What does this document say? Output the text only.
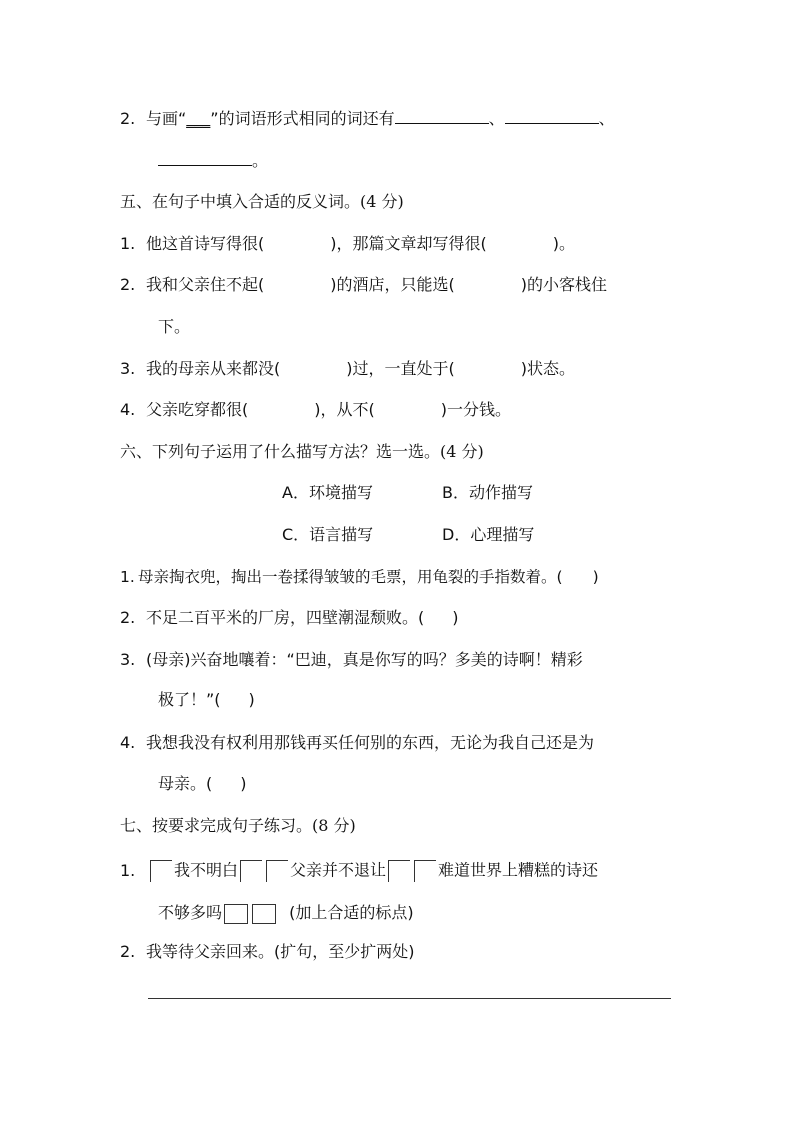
2. 与画“___”的词语形式相同的词还有	、	、
。
五、在句子中填入合适的反义词。(4 分)
1. 他这首诗写得很(	)，那篇文章却写得很(	)。
2. 我和父亲住不起(	)的酒店，只能选(	)的小客栈住
下。
3. 我的母亲从来都没(	)过，一直处于(	)状态。
4. 父亲吃穿都很(	)，从不(	)一分钱。
六、下列句子运用了什么描写方法？选一选。(4 分)
A．环境描写	B．动作描写
C．语言描写	D．心理描写
1. 母亲掏衣兜，掏出一卷揉得皱皱的毛票，用龟裂的手指数着。( )
2. 不足二百平米的厂房，四壁潮湿颓败。( )
3. (母亲)兴奋地嚷着：“巴迪，真是你写的吗？多美的诗啊！精彩
极了！”( )
4. 我想我没有权利用那钱再买任何别的东西，无论为我自己还是为
母亲。( )
七、按要求完成句子练习。(8 分)
1. 我不明白	父亲并不退让	难道世界上糟糕的诗还
不够多吗	(加上合适的标点)
2. 我等待父亲回来。(扩句，至少扩两处)
